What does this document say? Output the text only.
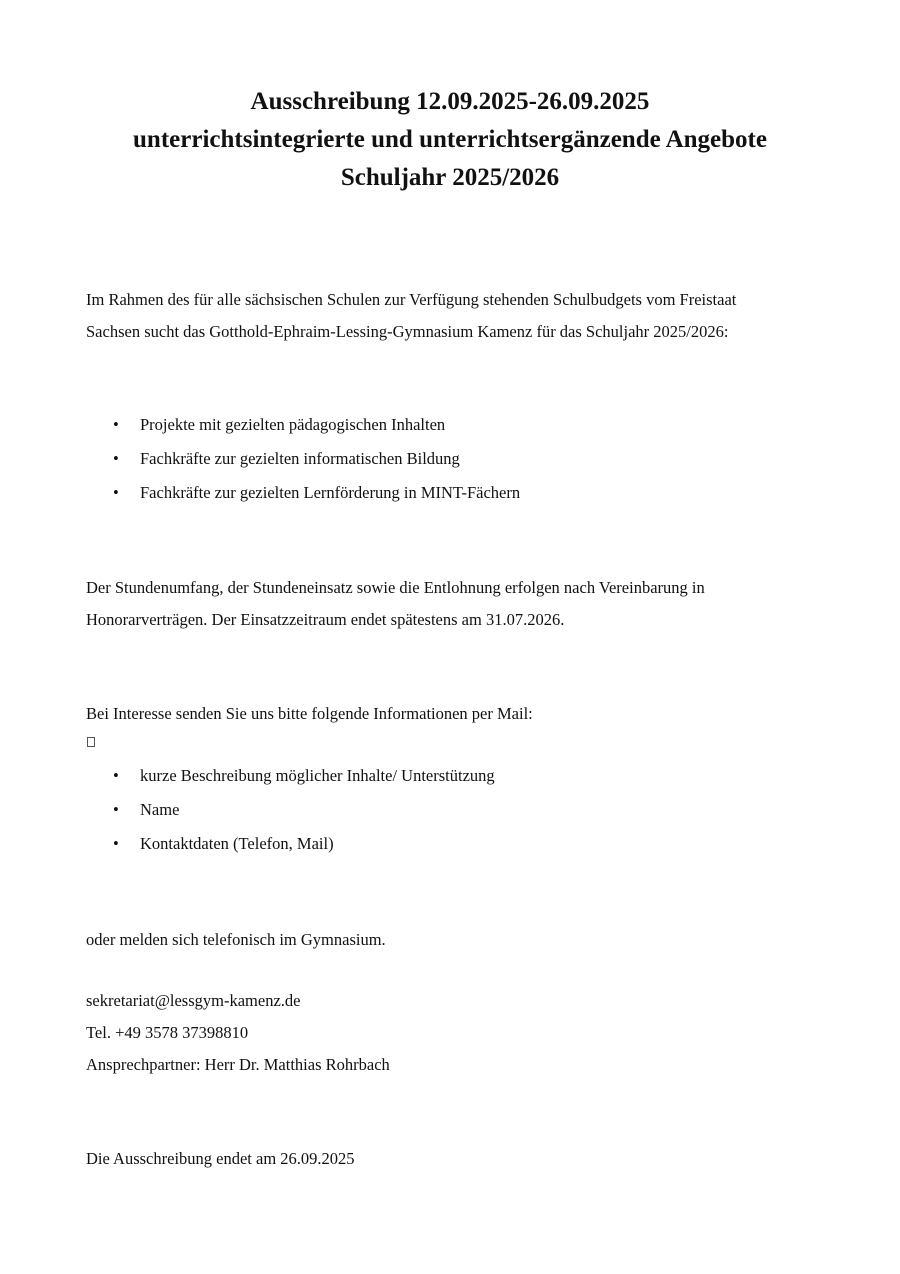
Ausschreibung 12.09.2025-26.09.2025
unterrichtsintegrierte und unterrichtsergänzende Angebote
Schuljahr 2025/2026
Im Rahmen des für alle sächsischen Schulen zur Verfügung stehenden Schulbudgets vom Freistaat
Sachsen sucht das Gotthold-Ephraim-Lessing-Gymnasium Kamenz für das Schuljahr 2025/2026:
• Projekte mit gezielten pädagogischen Inhalten
• Fachkräfte zur gezielten informatischen Bildung
• Fachkräfte zur gezielten Lernförderung in MINT-Fächern
Der Stundenumfang, der Stundeneinsatz sowie die Entlohnung erfolgen nach Vereinbarung in
Honorarverträgen. Der Einsatzzeitraum endet spätestens am 31.07.2026.
Bei Interesse senden Sie uns bitte folgende Informationen per Mail:
• kurze Beschreibung möglicher Inhalte/ Unterstützung
• Name
• Kontaktdaten (Telefon, Mail)
oder melden sich telefonisch im Gymnasium.
sekretariat@lessgym-kamenz.de
Tel. +49 3578 37398810
Ansprechpartner: Herr Dr. Matthias Rohrbach
Die Ausschreibung endet am 26.09.2025
